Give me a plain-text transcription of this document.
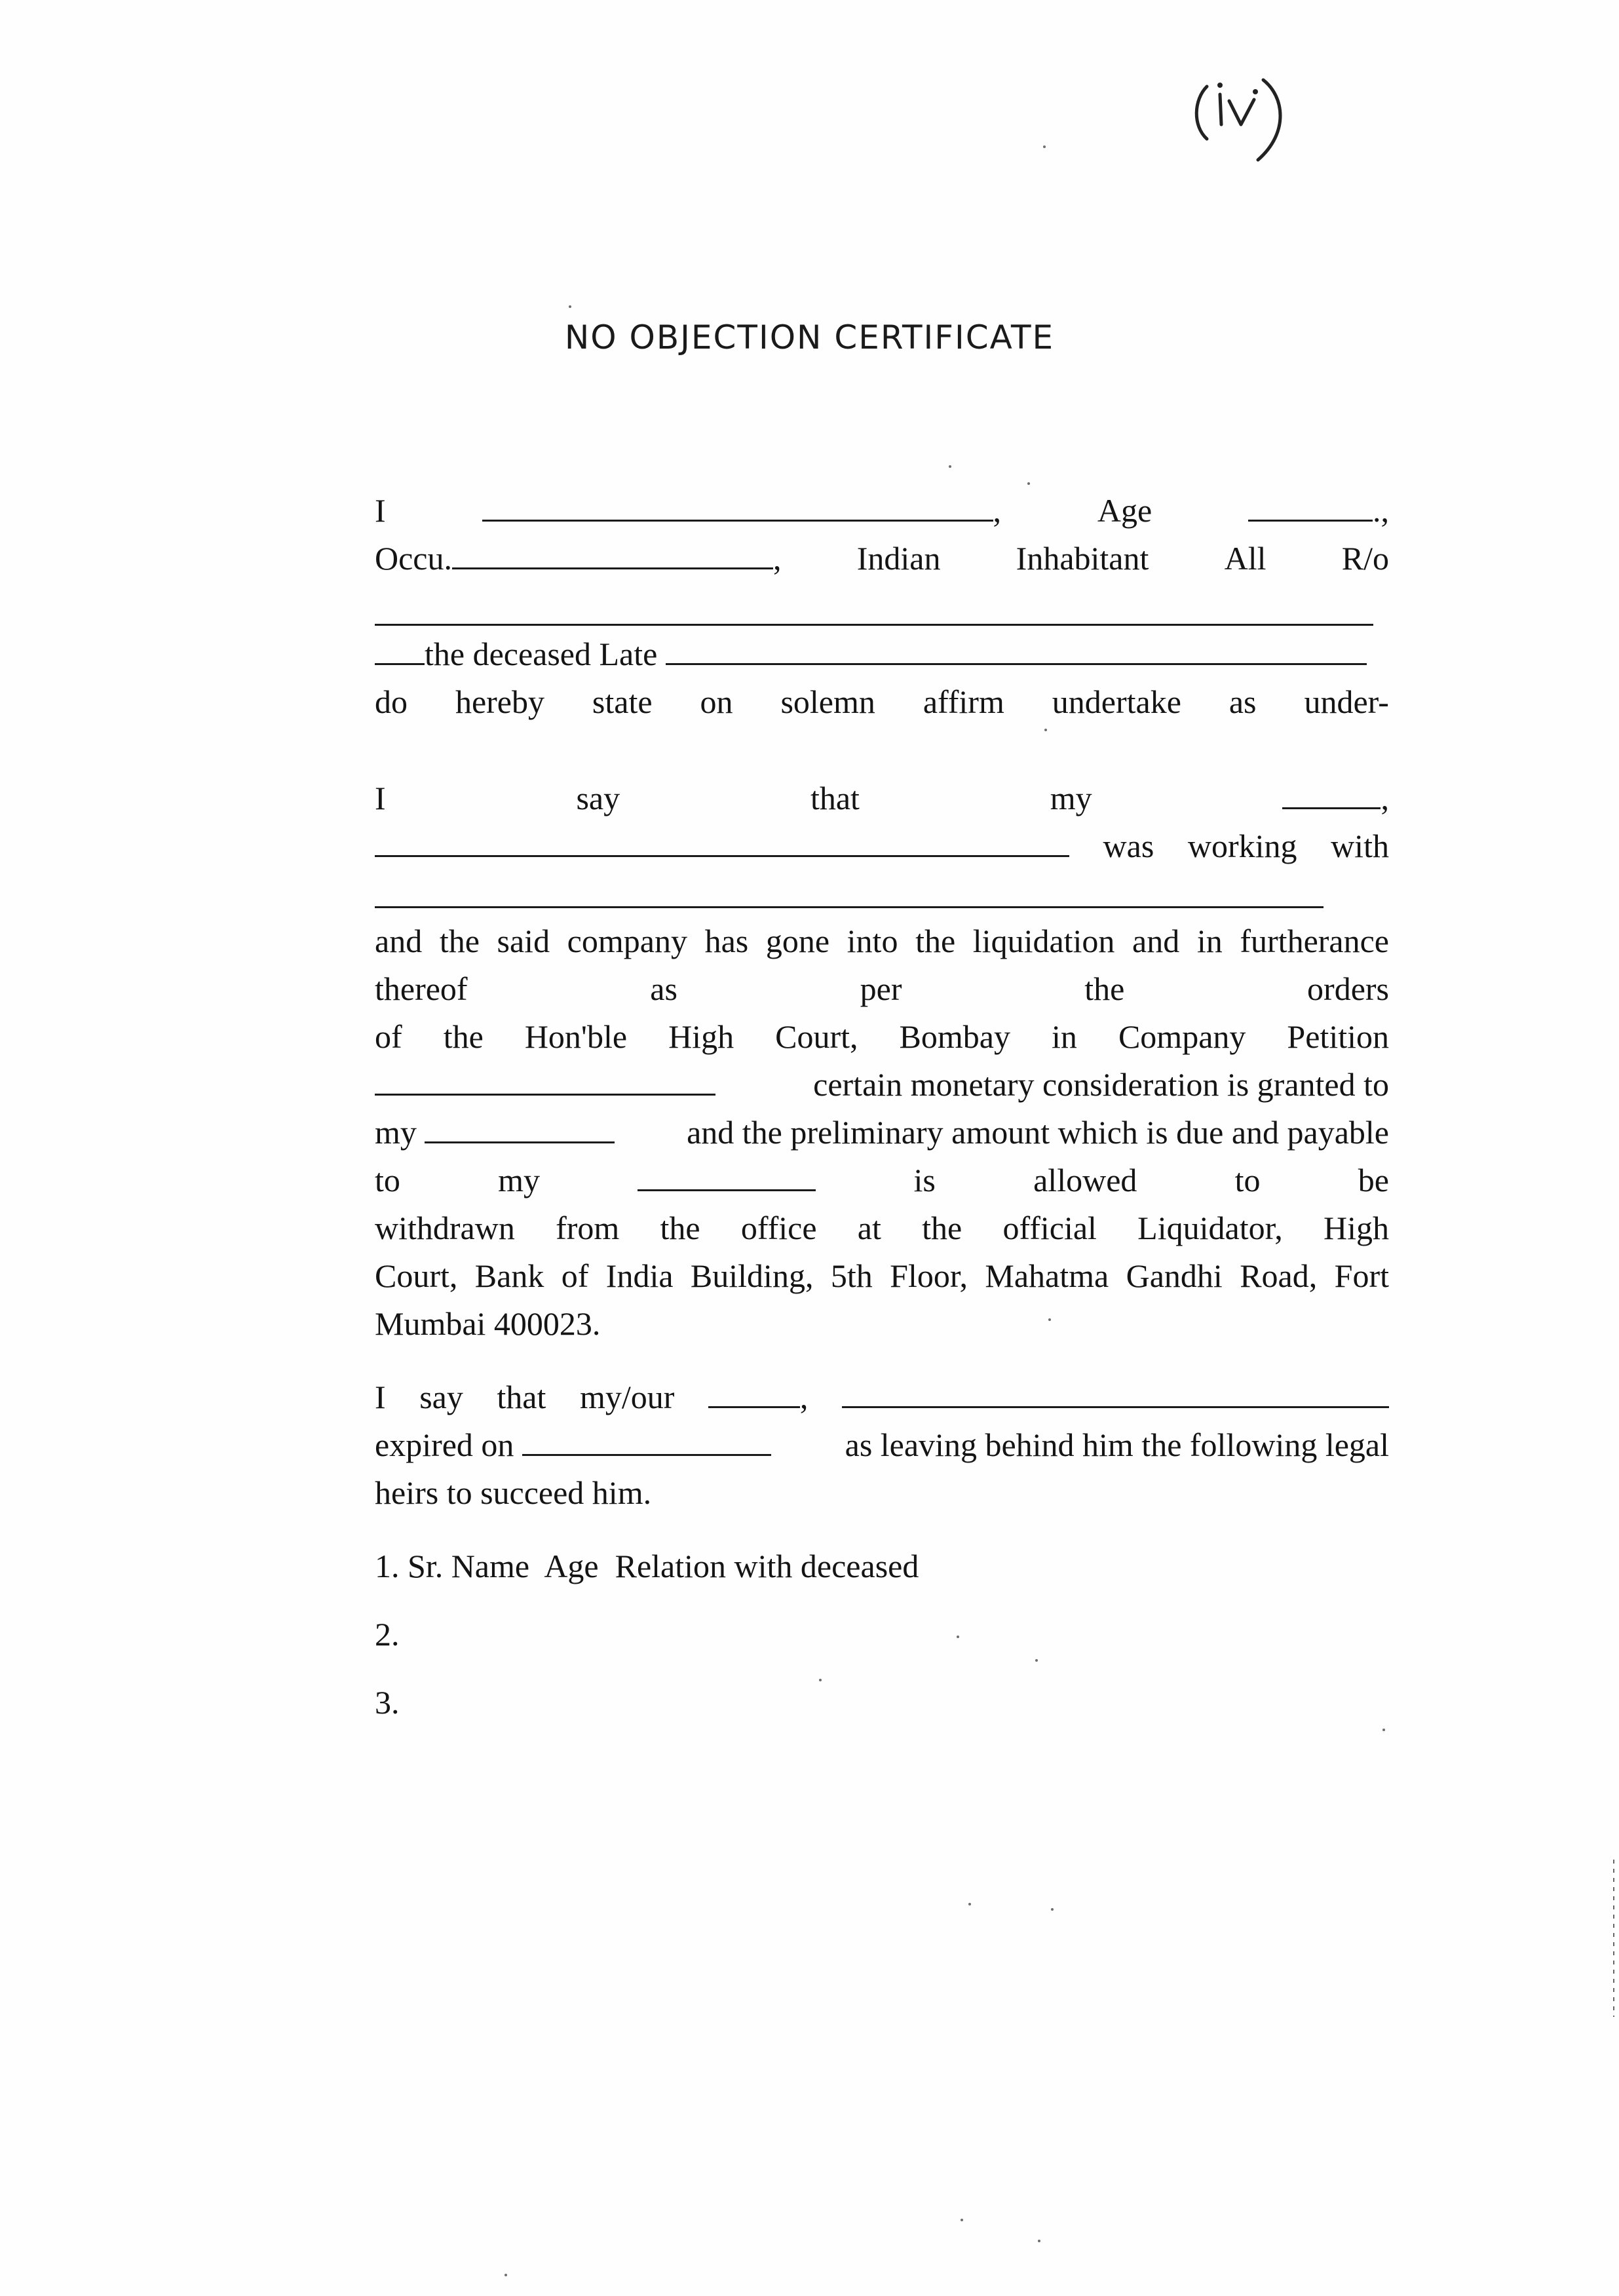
NO OBJECTION CERTIFICATE
I	,	Age	.,
Occu.	, Indian Inhabitant All R/o
the deceased Late
do hereby state on solemn affirm undertake as under-
I	say	that	my	,
was working with
and the said company has gone into the liquidation and in furtherance
thereof as per the orders
of the Hon'ble High Court, Bombay in Company Petition
certain monetary consideration is granted to
my	and the preliminary amount which is due and payable
to	my	is	allowed	to	be
withdrawn from the office at the official Liquidator, High
Court, Bank of India Building, 5th Floor, Mahatma Gandhi Road, Fort
Mumbai 400023.
I say that my/our	,
expired on	as leaving behind him the following legal
heirs to succeed him.
1. Sr. Name  Age  Relation with deceased
2.
3.
